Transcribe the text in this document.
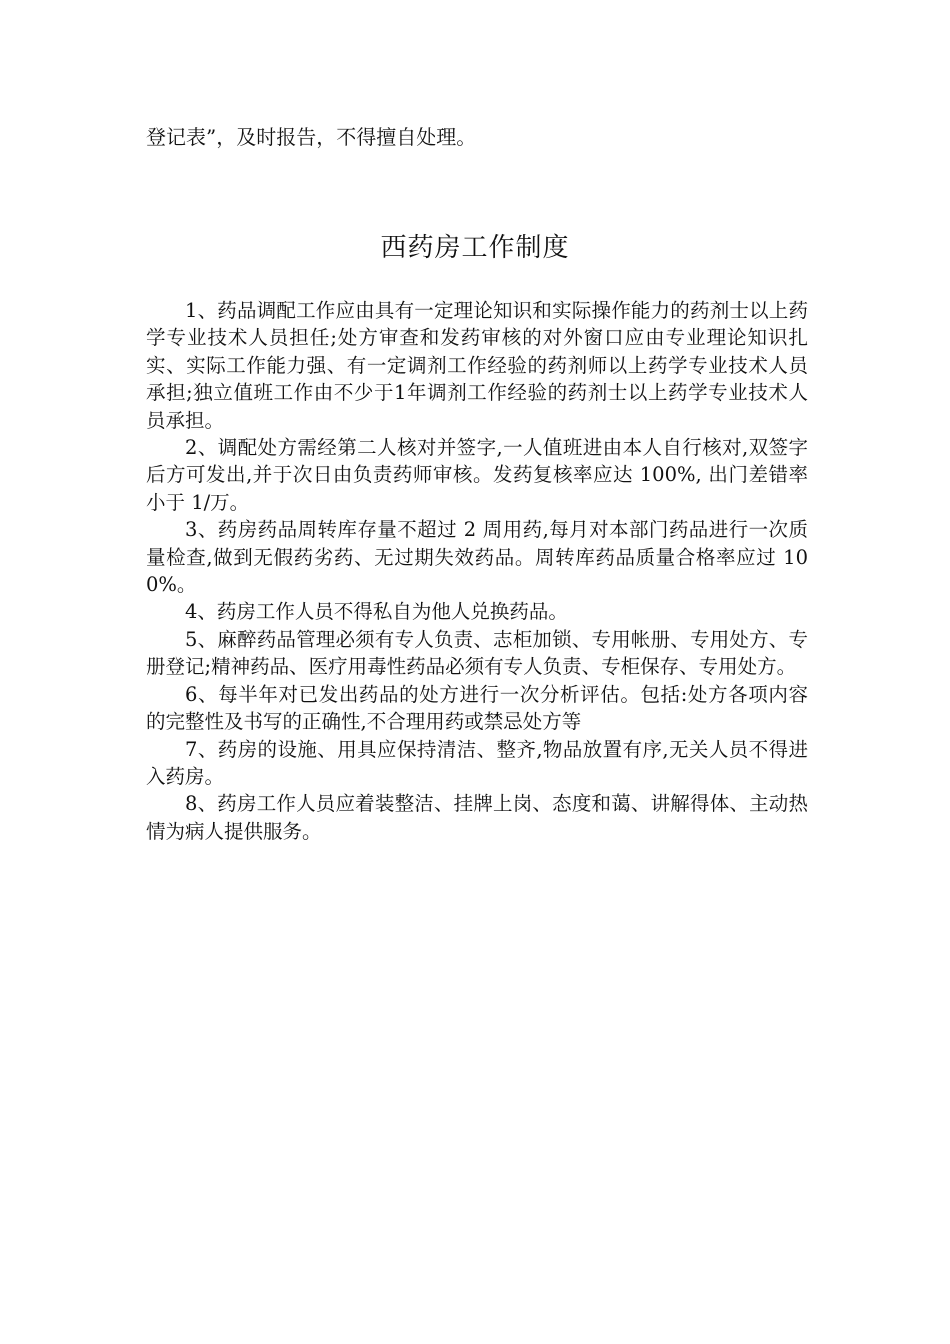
登记表”，及时报告，不得擅自处理。

西药房工作制度

1、药品调配工作应由具有一定理论知识和实际操作能力的药剂士以上药学专业技术人员担任;处方审查和发药审核的对外窗口应由专业理论知识扎实、实际工作能力强、有一定调剂工作经验的药剂师以上药学专业技术人员承担;独立值班工作由不少于1年调剂工作经验的药剂士以上药学专业技术人员承担。

2、调配处方需经第二人核对并签字,一人值班进由本人自行核对,双签字后方可发出,并于次日由负责药师审核。发药复核率应达 100%, 出门差错率小于 1/万。

3、药房药品周转库存量不超过 2 周用药,每月对本部门药品进行一次质量检查,做到无假药劣药、无过期失效药品。周转库药品质量合格率应过 100%。

4、药房工作人员不得私自为他人兑换药品。

5、麻醉药品管理必须有专人负责、志柜加锁、专用帐册、专用处方、专册登记;精神药品、医疗用毒性药品必须有专人负责、专柜保存、专用处方。

6、每半年对已发出药品的处方进行一次分析评估。包括:处方各项内容的完整性及书写的正确性,不合理用药或禁忌处方等

7、药房的设施、用具应保持清洁、整齐,物品放置有序,无关人员不得进入药房。

8、药房工作人员应着装整洁、挂牌上岗、态度和蔼、讲解得体、主动热情为病人提供服务。
